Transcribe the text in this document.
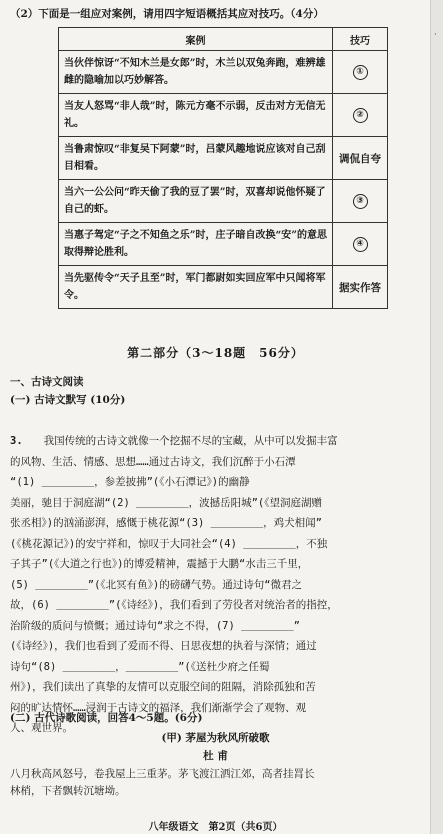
（2）下面是一组应对案例，请用四字短语概括其应对技巧。（4分）
案例	技巧
当伙伴惊讶“不知木兰是女郎”时，木兰以双兔奔跑，难辨雄雌的隐喻加以巧妙解答。	①
当友人怒骂“非人哉”时，陈元方毫不示弱，反击对方无信无礼。	②
当鲁肃惊叹“非复吴下阿蒙”时，吕蒙风趣地说应该对自己刮目相看。	调侃自夸
当六一公公问“昨天偷了我的豆了罢”时，双喜却说他怀疑了自己的虾。	③
当惠子驾定“子之不知鱼之乐”时，庄子暗自改换“安”的意思取得辩论胜利。	④
当先驱传令“天子且至”时，军门都尉如实回应军中只闻将军令。	据实作答
第二部分（3～18题　56分）
一、古诗文阅读
(一) 古诗文默写 (10分)
3. 我国传统的古诗文就像一个挖掘不尽的宝藏，从中可以发掘丰富
的风物、生活、情感、思想……通过古诗文，我们沉醉于小石潭
“(1) ＿＿＿＿＿，参差披拂”(《小石潭记》)的幽静
美丽，驰目于洞庭湖“(2) ＿＿＿＿＿，波撼岳阳城”(《望洞庭湖赠
张丞相》)的汹涌澎湃，感慨于桃花源“(3) ＿＿＿＿＿，鸡犬相闻”
(《桃花源记》)的安宁祥和，惊叹于大同社会“(4) ＿＿＿＿＿，不独
子其子”(《大道之行也》)的博爱精神，震撼于大鹏“水击三千里，
(5) ＿＿＿＿＿”(《北冥有鱼》)的磅礴气势。通过诗句“微君之
故，(6) ＿＿＿＿＿”(《诗经》)，我们看到了劳役者对统治者的指控，
治阶级的质问与愤慨；通过诗句“求之不得，(7) ＿＿＿＿＿”
(《诗经》)，我们也看到了爱而不得、日思夜想的执着与深情；通过
诗句“(8) ＿＿＿＿＿，＿＿＿＿＿”(《送杜少府之任蜀
州》)，我们读出了真挚的友情可以克服空间的阻隔，消除孤独和苦
闷的旷达情怀……浸润于古诗文的福泽，我们渐渐学会了观物、观
人、观世界。
(二) 古代诗歌阅读，回答4～5题。(6分)
(甲) 茅屋为秋风所破歌
杜 甫
八月秋高风怒号，卷我屋上三重茅。茅飞渡江洒江郊，高者挂罥长
林梢，下者飘转沉塘坳。
八年级语文　第2页（共6页）
·
